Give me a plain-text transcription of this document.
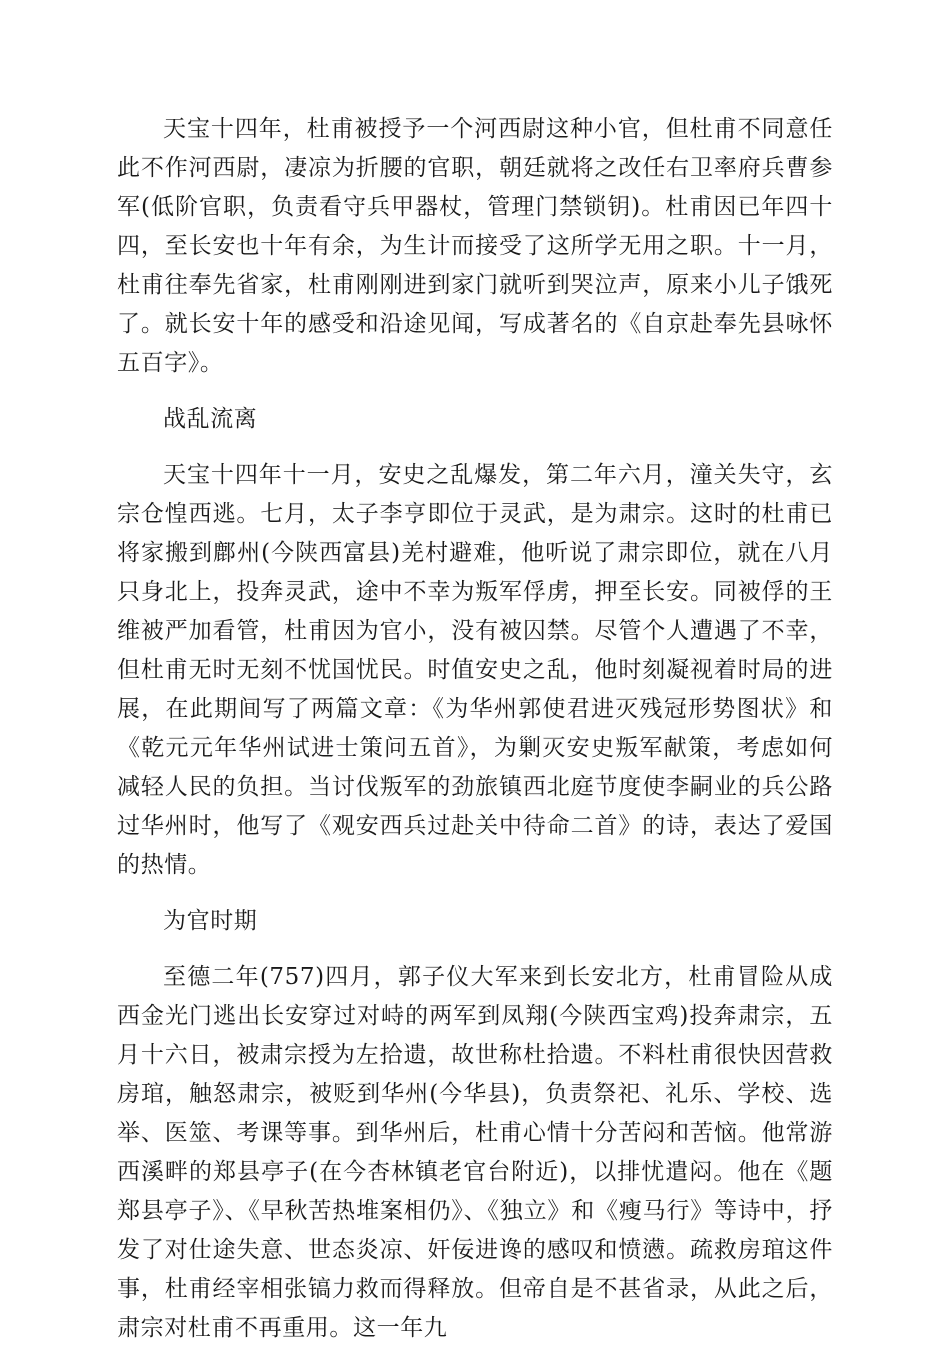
天宝十四年，杜甫被授予一个河西尉这种小官，但杜甫不同意任此不作河西尉，凄凉为折腰的官职，朝廷就将之改任右卫率府兵曹参军(低阶官职，负责看守兵甲器杖，管理门禁锁钥)。杜甫因已年四十四，至长安也十年有余，为生计而接受了这所学无用之职。十一月，杜甫往奉先省家，杜甫刚刚进到家门就听到哭泣声，原来小儿子饿死了。就长安十年的感受和沿途见闻，写成著名的《自京赴奉先县咏怀五百字》。

战乱流离

天宝十四年十一月，安史之乱爆发，第二年六月，潼关失守，玄宗仓惶西逃。七月，太子李亨即位于灵武，是为肃宗。这时的杜甫已将家搬到鄜州(今陕西富县)羌村避难，他听说了肃宗即位，就在八月只身北上，投奔灵武，途中不幸为叛军俘虏，押至长安。同被俘的王维被严加看管，杜甫因为官小，没有被囚禁。尽管个人遭遇了不幸，但杜甫无时无刻不忧国忧民。时值安史之乱，他时刻凝视着时局的进展，在此期间写了两篇文章：《为华州郭使君进灭残冠形势图状》和《乾元元年华州试进士策问五首》，为剿灭安史叛军献策，考虑如何减轻人民的负担。当讨伐叛军的劲旅镇西北庭节度使李嗣业的兵公路过华州时，他写了《观安西兵过赴关中待命二首》的诗，表达了爱国的热情。

为官时期

至德二年(757)四月，郭子仪大军来到长安北方，杜甫冒险从成西金光门逃出长安穿过对峙的两军到凤翔(今陕西宝鸡)投奔肃宗，五月十六日，被肃宗授为左拾遗，故世称杜拾遗。不料杜甫很快因营救房琯，触怒肃宗，被贬到华州(今华县)，负责祭祀、礼乐、学校、选举、医筮、考课等事。到华州后，杜甫心情十分苦闷和苦恼。他常游西溪畔的郑县亭子(在今杏林镇老官台附近)，以排忧遣闷。他在《题郑县亭子》、《早秋苦热堆案相仍》、《独立》和《瘦马行》等诗中，抒发了对仕途失意、世态炎凉、奸佞进谗的感叹和愤懑。疏救房琯这件事，杜甫经宰相张镐力救而得释放。但帝自是不甚省录，从此之后，肃宗对杜甫不再重用。这一年九
